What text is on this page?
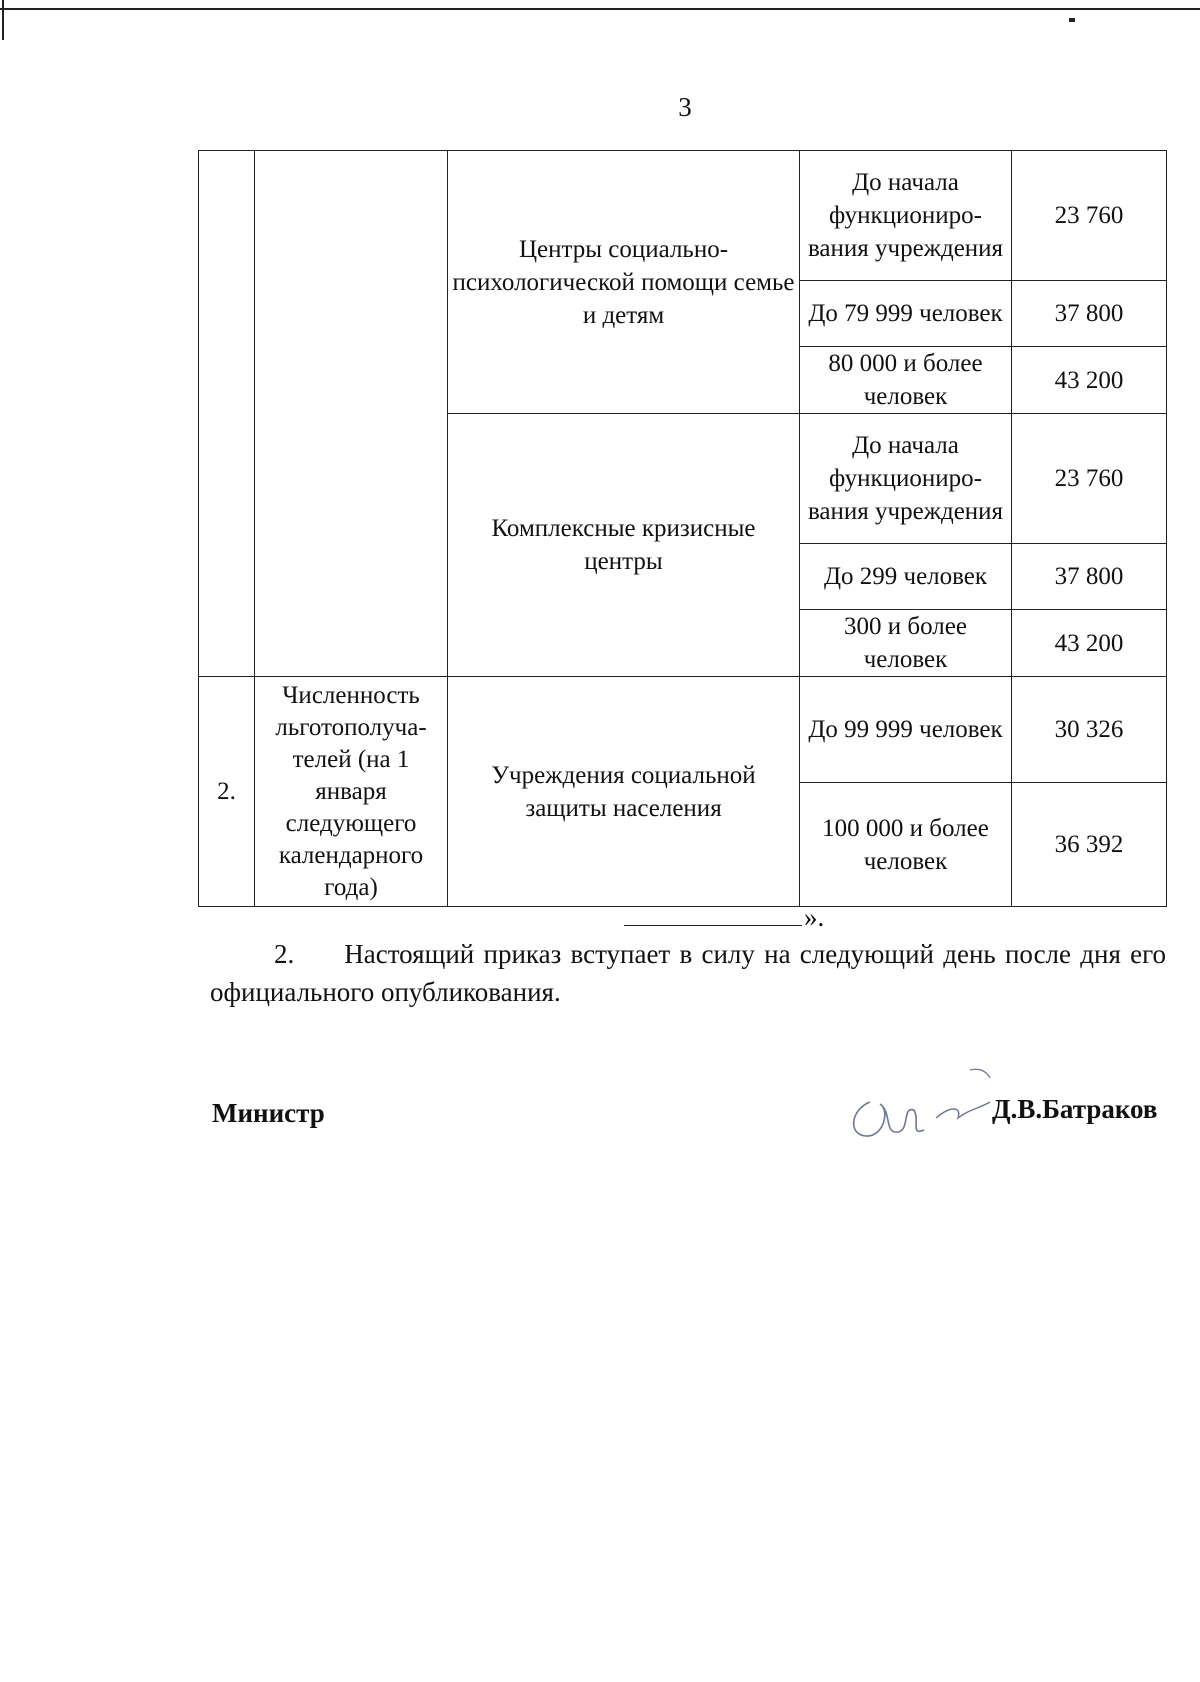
3
		Центры социально-психологической помощи семье и детям	До начала функциониро-вания учреждения	23 760
			До 79 999 человек	37 800
			80 000 и более человек	43 200
		Комплексные кризисные центры	До начала функциониро-вания учреждения	23 760
			До 299 человек	37 800
			300 и более человек	43 200
2.	Численность льготополуча-телей (на 1 января следующего календарного года)	Учреждения социальной защиты населения	До 99 999 человек	30 326
			100 000 и более человек	36 392
».
2. Настоящий приказ вступает в силу на следующий день после дня его официального опубликования.
Министр	Д.В.Батраков
